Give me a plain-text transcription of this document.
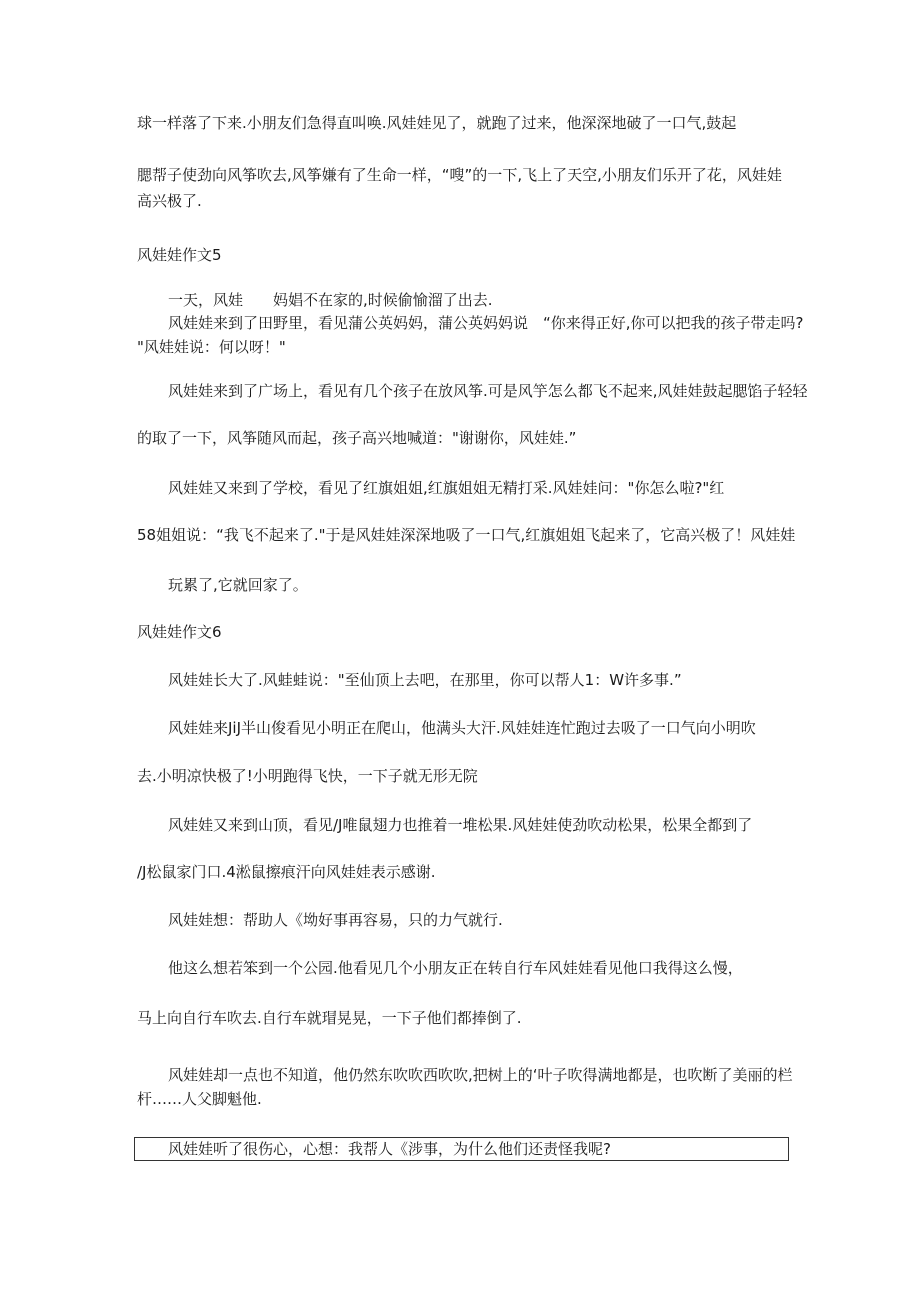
球一样落了下来.小朋友们急得直叫唤.风娃娃见了，就跑了过来，他深深地破了一口气,鼓起
腮帮子使劲向风筝吹去,风筝嫌有了生命一样，“嗖”的一下,飞上了天空,小朋友们乐开了花，风娃娃
高兴极了.
风娃娃作文5
一天，风娃　　妈娼不在家的,时候偷愉溜了出去.
风娃娃来到了田野里，看见蒲公英妈妈，蒲公英妈妈说　“你来得正好,你可以把我的孩子带走吗?
"风娃娃说：何以呀！"
风娃娃来到了广场上，看见有几个孩子在放风筝.可是风竽怎么都飞不起来,风娃娃鼓起腮馅子轻轻
的取了一下，风筝随风而起，孩子高兴地喊道："谢谢你，风娃娃.”
风娃娃又来到了学校，看见了红旗姐姐,红旗姐姐无精打采.风娃娃问："你怎么啦?"红
58姐姐说：“我飞不起来了."于是风娃娃深深地吸了一口气,红旗姐姐飞起来了，它高兴极了！风娃娃
玩累了,它就回家了。
风娃娃作文6
风娃娃长大了.风蛙蛙说："至仙顶上去吧，在那里，你可以帮人1：W许多事.”
风娃娃来JiJ半山俊看见小明正在爬山，他满头大汗.风娃娃连忙跑过去吸了一口气向小明吹
去.小明凉快极了!小明跑得飞快，一下子就无形无院
风娃娃又来到山顶，看见/J唯鼠翅力也推着一堆松果.风娃娃使劲吹动松果，松果全都到了
/J松鼠家门口.4淞鼠擦痕汗向风娃娃表示感谢.
风娃娃想：帮助人《坳好事再容易，只的力气就行.
他这么想若笨到一个公园.他看见几个小朋友正在转自行车风娃娃看见他口我得这么慢，
马上向自行车吹去.自行车就瑁晃晃，一下子他们都捧倒了.
风娃娃却一点也不知道，他仍然东吹吹西吹吹,把树上的‘叶子吹得满地都是，也吹断了美丽的栏
杆……人父脚魁他.
风娃娃听了很伤心，心想：我帮人《涉事，为什么他们还责怪我呢?
